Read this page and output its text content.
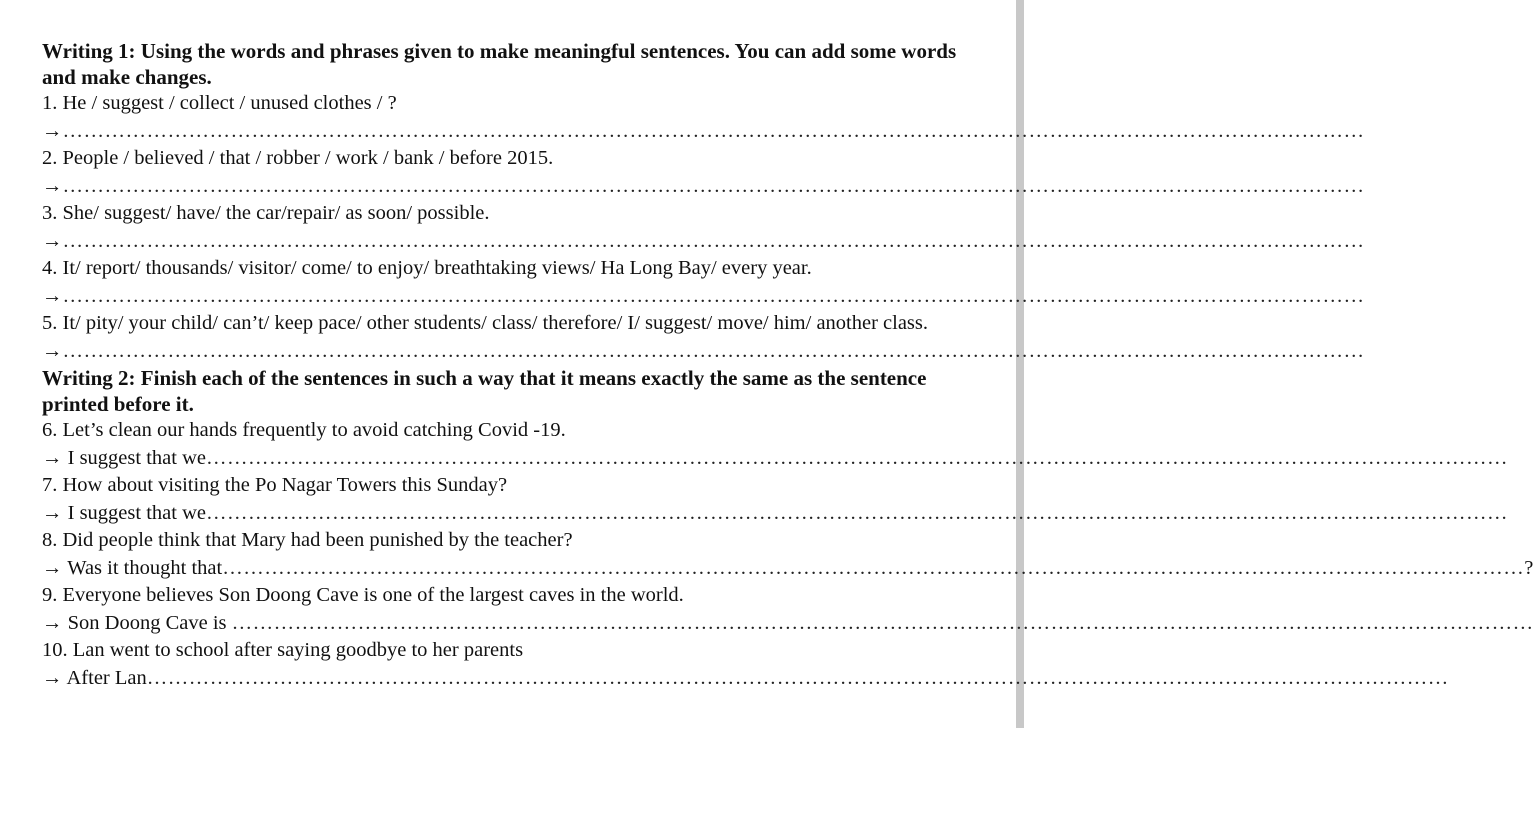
Writing 1: Using the words and phrases given to make meaningful sentences. You can add some words and make changes.

1. He / suggest / collect / unused clothes / ?

→ ……………………………………………………………………………………………………………………………………………………………………

2. People / believed / that / robber / work / bank / before 2015.

→ ……………………………………………………………………………………………………………………………………………………………………

3. She/ suggest/ have/ the car/repair/ as soon/ possible.

→ ……………………………………………………………………………………………………………………………………………………………………

4. It/ report/ thousands/ visitor/ come/ to enjoy/ breathtaking views/ Ha Long Bay/ every year.

→ ……………………………………………………………………………………………………………………………………………………………………

5. It/ pity/ your child/ can’t/ keep pace/ other students/ class/ therefore/ I/ suggest/ move/ him/ another class.

→ ……………………………………………………………………………………………………………………………………………………………………

Writing 2: Finish each of the sentences in such a way that it means exactly the same as the sentence printed before it.

6. Let’s clean our hands frequently to avoid catching Covid -19.

→ I suggest that we ……………………………………………………………………………………………………………………………………………………………………

7. How about visiting the Po Nagar Towers this Sunday?

→ I suggest that we ……………………………………………………………………………………………………………………………………………………………………

8. Did people think that Mary had been punished by the teacher?

→ Was it thought that …………………………………………………………………………………………………………………………………………………………………… ?

9. Everyone believes Son Doong Cave is one of the largest caves in the world.

→ Son Doong Cave is ……………………………………………………………………………………………………………………………………………………………………

10. Lan went to school after saying goodbye to her parents

→ After Lan ……………………………………………………………………………………………………………………………………………………………………
